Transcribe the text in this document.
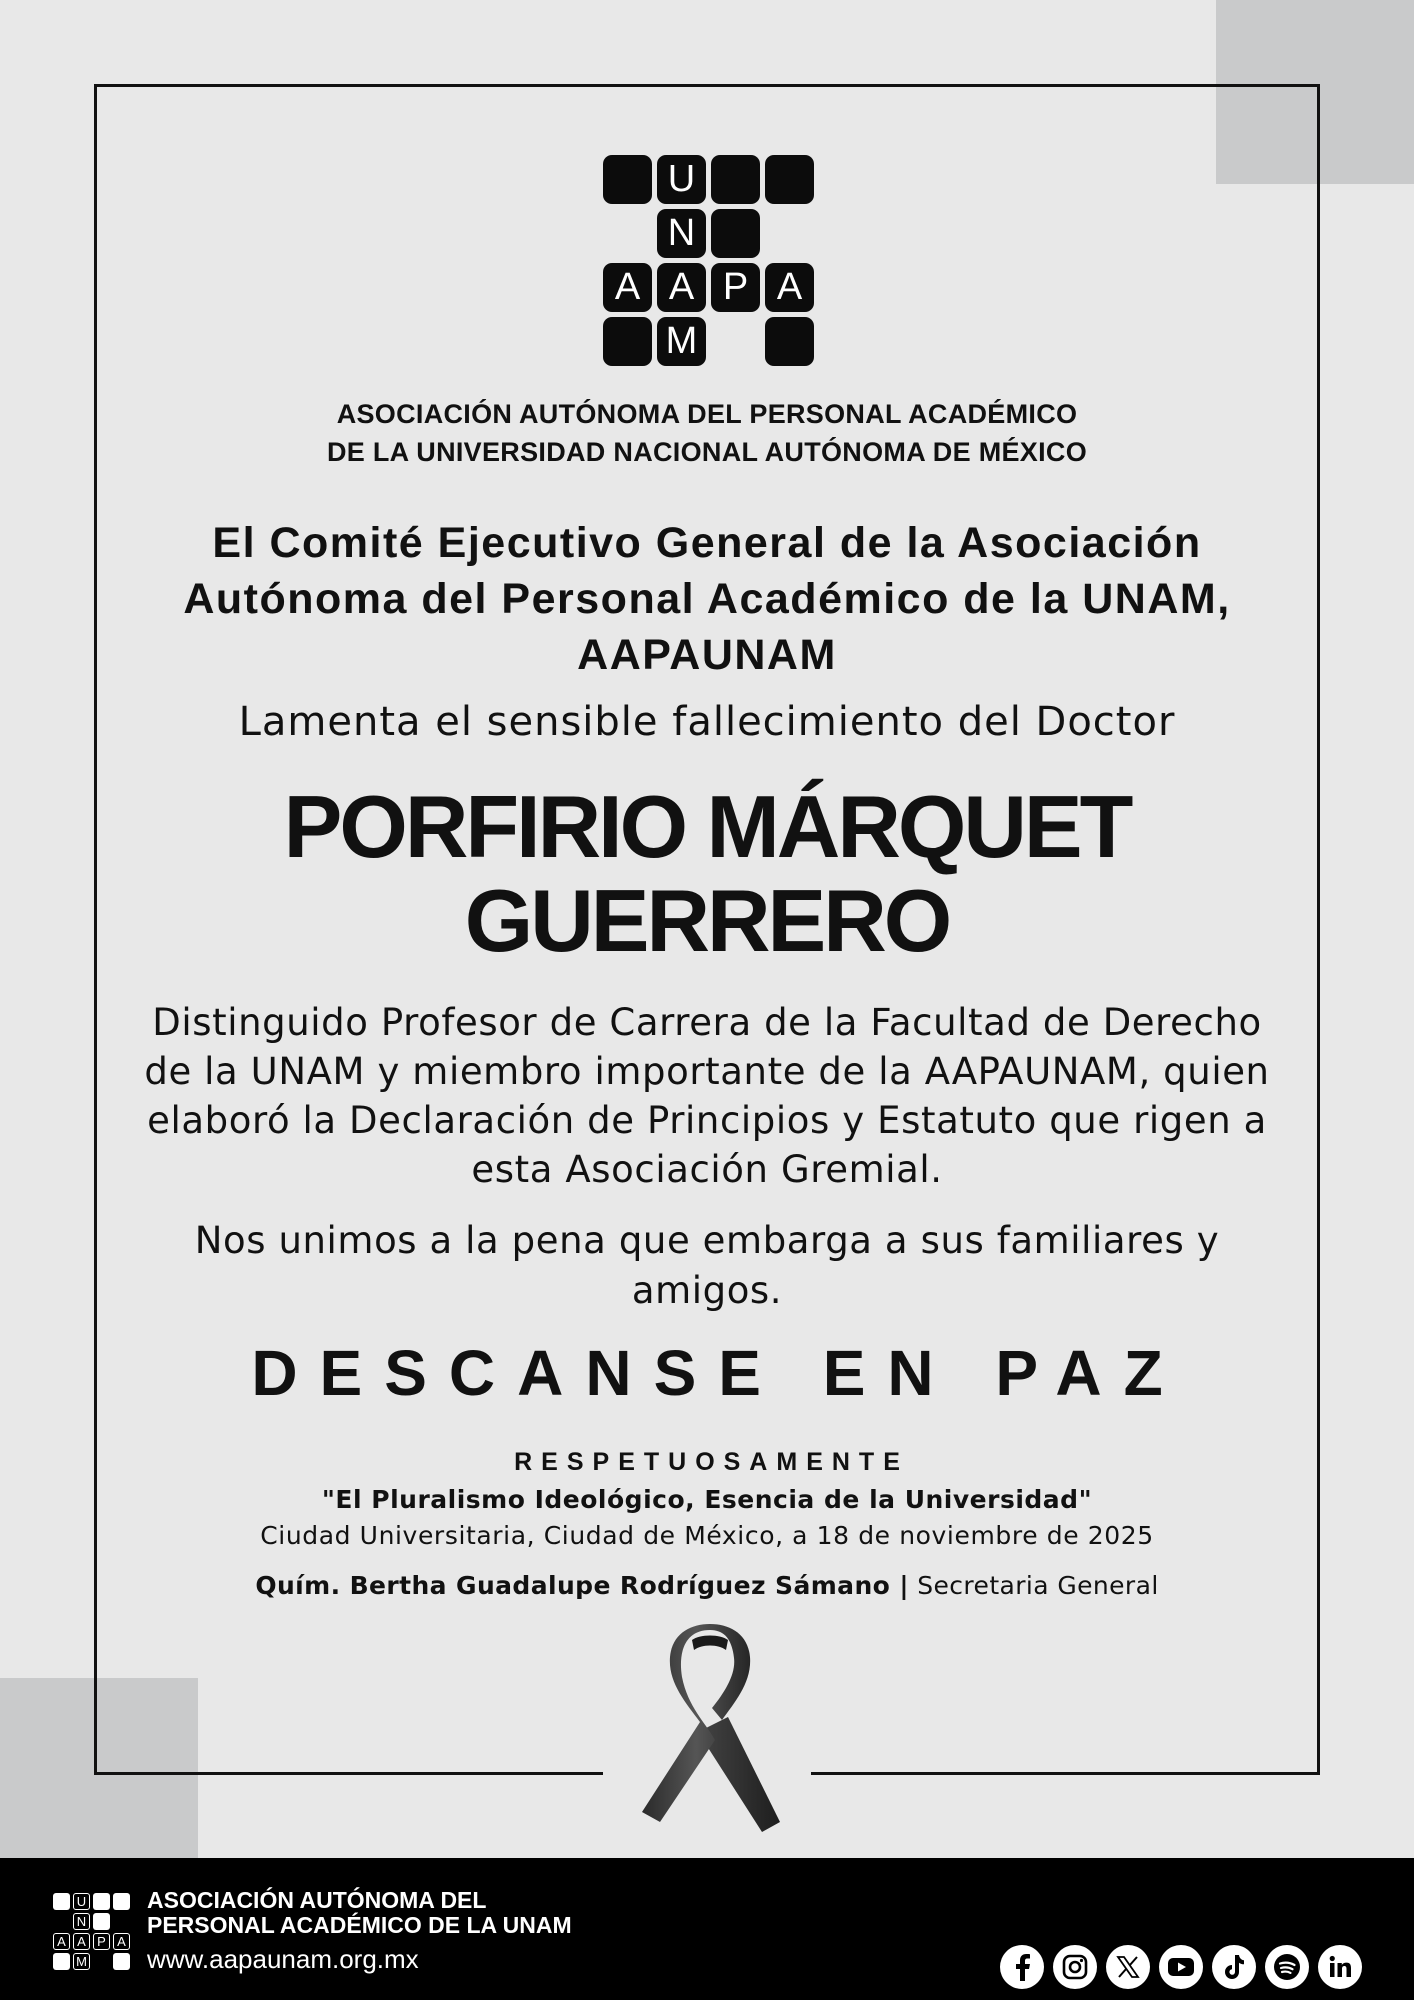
U
N
A A P A
M
ASOCIACIÓN AUTÓNOMA DEL PERSONAL ACADÉMICO
DE LA UNIVERSIDAD NACIONAL AUTÓNOMA DE MÉXICO
El Comité Ejecutivo General de la Asociación
Autónoma del Personal Académico de la UNAM,
AAPAUNAM
Lamenta el sensible fallecimiento del Doctor
PORFIRIO MÁRQUET
GUERRERO
Distinguido Profesor de Carrera de la Facultad de Derecho de la UNAM y miembro importante de la AAPAUNAM, quien elaboró la Declaración de Principios y Estatuto que rigen a esta Asociación Gremial.
Nos unimos a la pena que embarga a sus familiares y amigos.
DESCANSE EN PAZ
RESPETUOSAMENTE
"El Pluralismo Ideológico, Esencia de la Universidad"
Ciudad Universitaria, Ciudad de México, a 18 de noviembre de 2025
Quím. Bertha Guadalupe Rodríguez Sámano | Secretaria General
U
N
A A P A
M
ASOCIACIÓN AUTÓNOMA DEL
PERSONAL ACADÉMICO DE LA UNAM
www.aapaunam.org.mx
